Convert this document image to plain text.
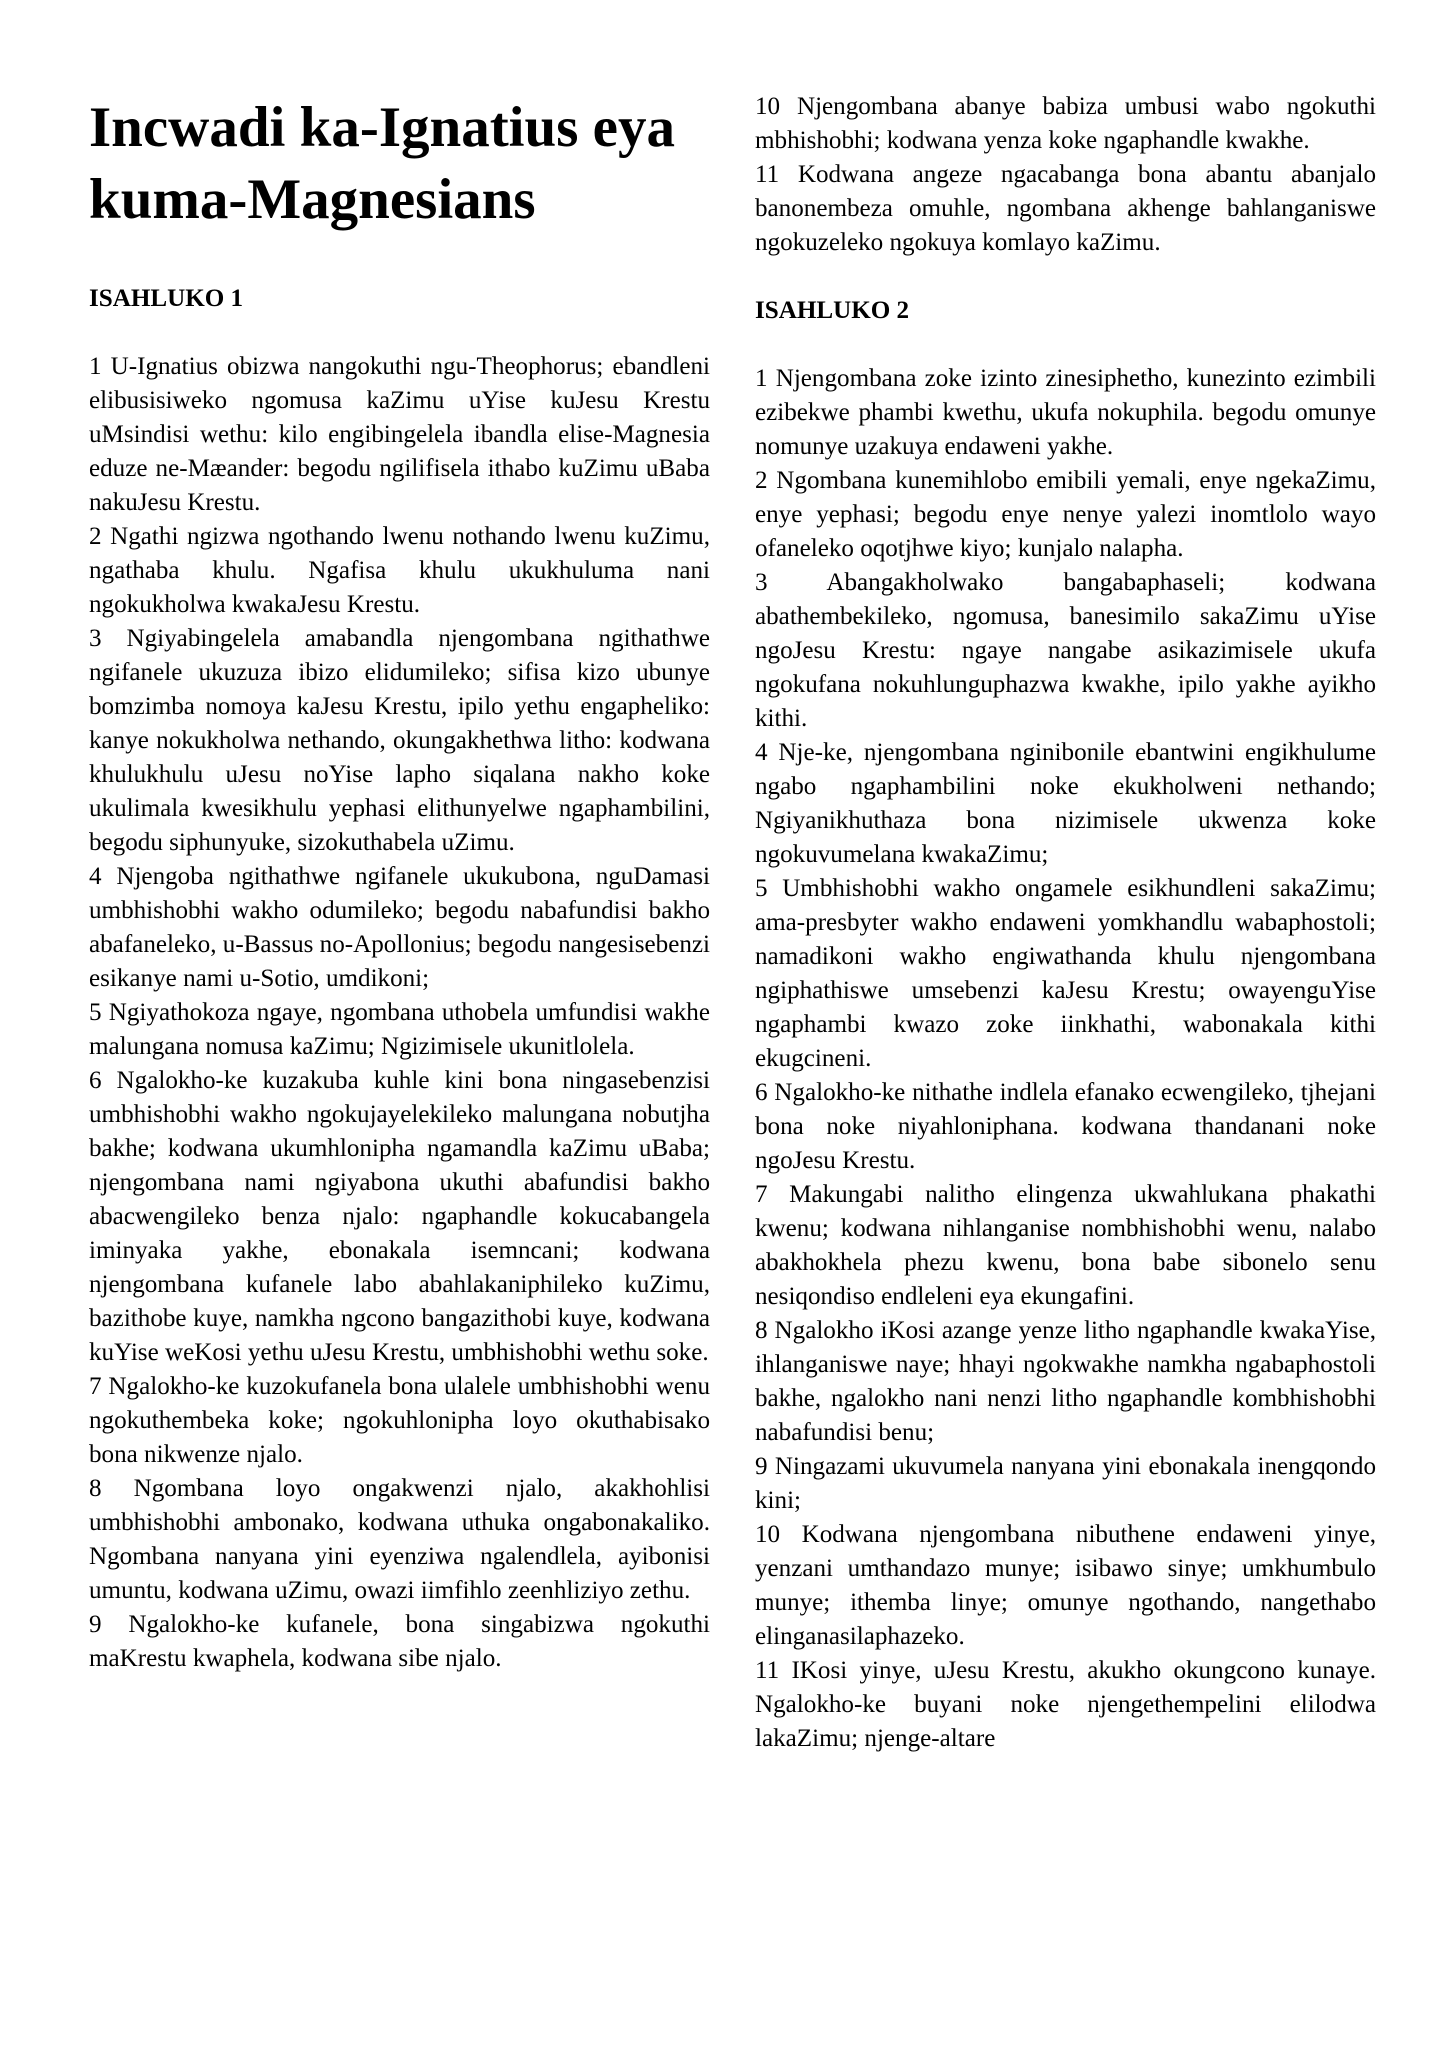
Incwadi ka-Ignatius eya kuma-Magnesians
ISAHLUKO 1

1 U-Ignatius obizwa nangokuthi ngu-Theophorus; ebandleni elibusisiweko ngomusa kaZimu uYise kuJesu Krestu uMsindisi wethu: kilo engibingelela ibandla elise-Magnesia eduze ne-Mæander: begodu ngilifisela ithabo kuZimu uBaba nakuJesu Krestu.

2 Ngathi ngizwa ngothando lwenu nothando lwenu kuZimu, ngathaba khulu. Ngafisa khulu ukukhuluma nani ngokukholwa kwakaJesu Krestu.

3 Ngiyabingelela amabandla njengombana ngithathwe ngifanele ukuzuza ibizo elidumileko; sifisa kizo ubunye bomzimba nomoya kaJesu Krestu, ipilo yethu engapheliko: kanye nokukholwa nethando, okungakhethwa litho: kodwana khulukhulu uJesu noYise lapho siqalana nakho koke ukulimala kwesikhulu yephasi elithunyelwe ngaphambilini, begodu siphunyuke, sizokuthabela uZimu.

4 Njengoba ngithathwe ngifanele ukukubona, nguDamasi umbhishobhi wakho odumileko; begodu nabafundisi bakho abafaneleko, u-Bassus no-Apollonius; begodu nangesisebenzi esikanye nami u-Sotio, umdikoni;

5 Ngiyathokoza ngaye, ngombana uthobela umfundisi wakhe malungana nomusa kaZimu; Ngizimisele ukunitlolela.

6 Ngalokho-ke kuzakuba kuhle kini bona ningasebenzisi umbhishobhi wakho ngokujayelekileko malungana nobutjha bakhe; kodwana ukumhlonipha ngamandla kaZimu uBaba; njengombana nami ngiyabona ukuthi abafundisi bakho abacwengileko benza njalo: ngaphandle kokucabangela iminyaka yakhe, ebonakala isemncani; kodwana njengombana kufanele labo abahlakaniphileko kuZimu, bazithobe kuye, namkha ngcono bangazithobi kuye, kodwana kuYise weKosi yethu uJesu Krestu, umbhishobhi wethu soke.

7 Ngalokho-ke kuzokufanela bona ulalele umbhishobhi wenu ngokuthembeka koke; ngokuhlonipha loyo okuthabisako bona nikwenze njalo.

8 Ngombana loyo ongakwenzi njalo, akakhohlisi umbhishobhi ambonako, kodwana uthuka ongabonakaliko. Ngombana nanyana yini eyenziwa ngalendlela, ayibonisi umuntu, kodwana uZimu, owazi iimfihlo zeenhliziyo zethu.

9 Ngalokho-ke kufanele, bona singabizwa ngokuthi maKrestu kwaphela, kodwana sibe njalo.

10 Njengombana abanye babiza umbusi wabo ngokuthi mbhishobhi; kodwana yenza koke ngaphandle kwakhe.

11 Kodwana angeze ngacabanga bona abantu abanjalo banonembeza omuhle, ngombana akhenge bahlanganiswe ngokuzeleko ngokuya komlayo kaZimu.

ISAHLUKO 2

1 Njengombana zoke izinto zinesiphetho, kunezinto ezimbili ezibekwe phambi kwethu, ukufa nokuphila. begodu omunye nomunye uzakuya endaweni yakhe.

2 Ngombana kunemihlobo emibili yemali, enye ngekaZimu, enye yephasi; begodu enye nenye yalezi inomtlolo wayo ofaneleko oqotjhwe kiyo; kunjalo nalapha.

3 Abangakholwako bangabaphaseli; kodwana abathembekileko, ngomusa, banesimilo sakaZimu uYise ngoJesu Krestu: ngaye nangabe asikazimisele ukufa ngokufana nokuhlunguphazwa kwakhe, ipilo yakhe ayikho kithi.

4 Nje-ke, njengombana nginibonile ebantwini engikhulume ngabo ngaphambilini noke ekukholweni nethando; Ngiyanikhuthaza bona nizimisele ukwenza koke ngokuvumelana kwakaZimu;

5 Umbhishobhi wakho ongamele esikhundleni sakaZimu; ama-presbyter wakho endaweni yomkhandlu wabaphostoli; namadikoni wakho engiwathanda khulu njengombana ngiphathiswe umsebenzi kaJesu Krestu; owayenguYise ngaphambi kwazo zoke iinkhathi, wabonakala kithi ekugcineni.

6 Ngalokho-ke nithathe indlela efanako ecwengileko, tjhejani bona noke niyahloniphana. kodwana thandanani noke ngoJesu Krestu.

7 Makungabi nalitho elingenza ukwahlukana phakathi kwenu; kodwana nihlanganise nombhishobhi wenu, nalabo abakhokhela phezu kwenu, bona babe sibonelo senu nesiqondiso endleleni eya ekungafini.

8 Ngalokho iKosi azange yenze litho ngaphandle kwakaYise, ihlanganiswe naye; hhayi ngokwakhe namkha ngabaphostoli bakhe, ngalokho nani nenzi litho ngaphandle kombhishobhi nabafundisi benu;

9 Ningazami ukuvumela nanyana yini ebonakala inengqondo kini;

10 Kodwana njengombana nibuthene endaweni yinye, yenzani umthandazo munye; isibawo sinye; umkhumbulo munye; ithemba linye; omunye ngothando, nangethabo elinganasilaphazeko.

11 IKosi yinye, uJesu Krestu, akukho okungcono kunaye. Ngalokho-ke buyani noke njengethempelini elilodwa lakaZimu; njenge-altare
